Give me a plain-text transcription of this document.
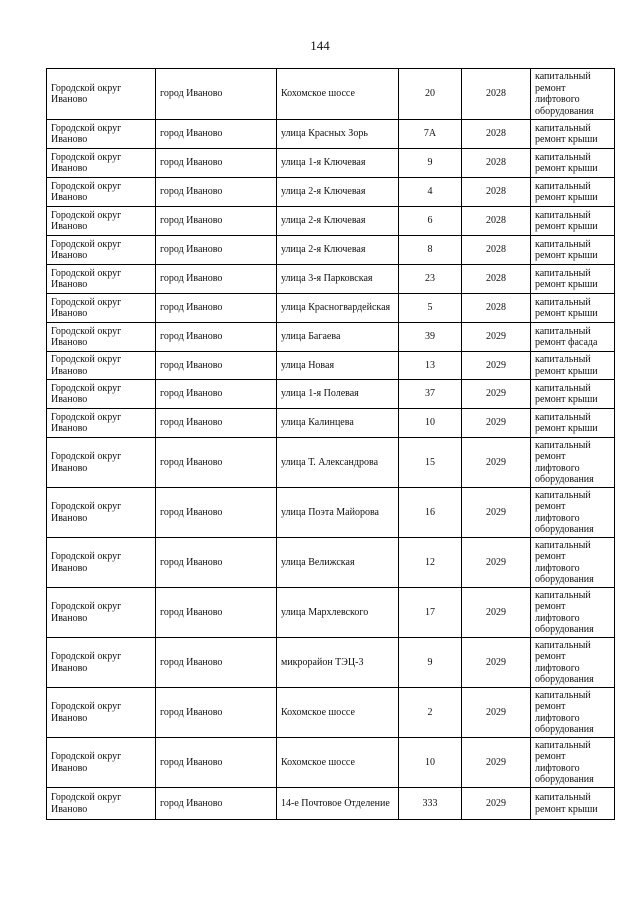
144
Городской округ Иваново	город Иваново	Кохомское шоссе	20	2028	капитальный ремонт лифтового оборудования

Городской округ Иваново	город Иваново	улица Красных Зорь	7А	2028	капитальный ремонт крыши

Городской округ Иваново	город Иваново	улица 1-я Ключевая	9	2028	капитальный ремонт крыши

Городской округ Иваново	город Иваново	улица 2-я Ключевая	4	2028	капитальный ремонт крыши

Городской округ Иваново	город Иваново	улица 2-я Ключевая	6	2028	капитальный ремонт крыши

Городской округ Иваново	город Иваново	улица 2-я Ключевая	8	2028	капитальный ремонт крыши

Городской округ Иваново	город Иваново	улица 3-я Парковская	23	2028	капитальный ремонт крыши

Городской округ Иваново	город Иваново	улица Красногвардейская	5	2028	капитальный ремонт крыши

Городской округ Иваново	город Иваново	улица Багаева	39	2029	капитальный ремонт фасада

Городской округ Иваново	город Иваново	улица Новая	13	2029	капитальный ремонт крыши

Городской округ Иваново	город Иваново	улица 1-я Полевая	37	2029	капитальный ремонт крыши

Городской округ Иваново	город Иваново	улица Калинцева	10	2029	капитальный ремонт крыши

Городской округ Иваново	город Иваново	улица Т. Александрова	15	2029	капитальный ремонт лифтового оборудования

Городской округ Иваново	город Иваново	улица Поэта Майорова	16	2029	капитальный ремонт лифтового оборудования

Городской округ Иваново	город Иваново	улица Велижская	12	2029	капитальный ремонт лифтового оборудования

Городской округ Иваново	город Иваново	улица Мархлевского	17	2029	капитальный ремонт лифтового оборудования

Городской округ Иваново	город Иваново	микрорайон ТЭЦ-3	9	2029	капитальный ремонт лифтового оборудования

Городской округ Иваново	город Иваново	Кохомское шоссе	2	2029	капитальный ремонт лифтового оборудования

Городской округ Иваново	город Иваново	Кохомское шоссе	10	2029	капитальный ремонт лифтового оборудования

Городской округ Иваново	город Иваново	14-е Почтовое Отделение	333	2029	капитальный ремонт крыши
